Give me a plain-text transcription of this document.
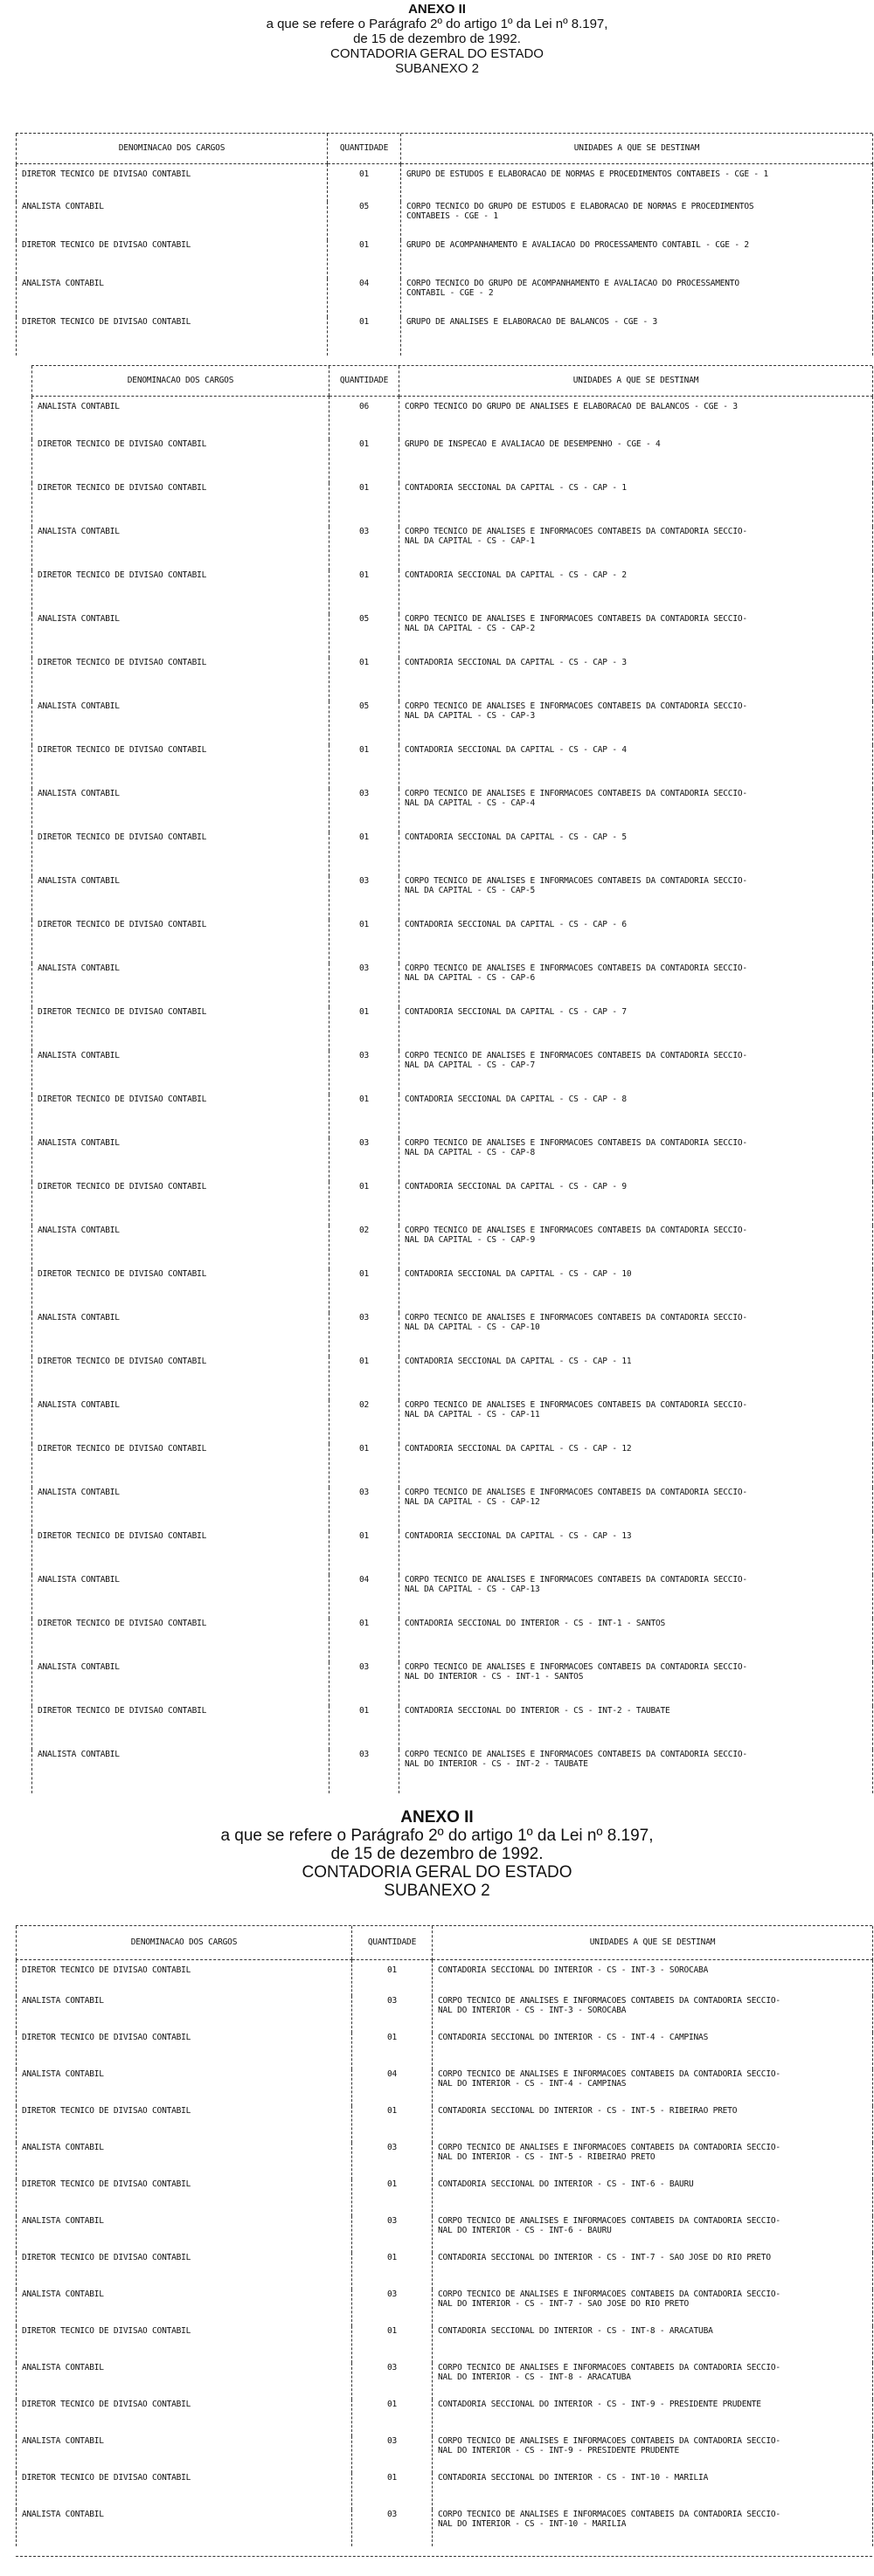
ANEXO II
a que se refere o Parágrafo 2º do artigo 1º da Lei nº 8.197,
de 15 de dezembro de 1992.
CONTADORIA GERAL DO ESTADO
SUBANEXO 2
DENOMINACAO DOS CARGOS	QUANTIDADE	UNIDADES A QUE SE DESTINAM
DIRETOR TECNICO DE DIVISAO CONTABIL	01	GRUPO DE ESTUDOS E ELABORACAO DE NORMAS E PROCEDIMENTOS CONTABEIS - CGE - 1
ANALISTA CONTABIL	05	CORPO TECNICO DO GRUPO DE ESTUDOS E ELABORACAO DE NORMAS E PROCEDIMENTOS
CONTABEIS - CGE - 1
DIRETOR TECNICO DE DIVISAO CONTABIL	01	GRUPO DE ACOMPANHAMENTO E AVALIACAO DO PROCESSAMENTO CONTABIL - CGE - 2
ANALISTA CONTABIL	04	CORPO TECNICO DO GRUPO DE ACOMPANHAMENTO E AVALIACAO DO PROCESSAMENTO
CONTABIL - CGE - 2
DIRETOR TECNICO DE DIVISAO CONTABIL	01	GRUPO DE ANALISES E ELABORACAO DE BALANCOS - CGE - 3
DENOMINACAO DOS CARGOS	QUANTIDADE	UNIDADES A QUE SE DESTINAM
ANALISTA CONTABIL	06	CORPO TECNICO DO GRUPO DE ANALISES E ELABORACAO DE BALANCOS - CGE - 3
DIRETOR TECNICO DE DIVISAO CONTABIL	01	GRUPO DE INSPECAO E AVALIACAO DE DESEMPENHO - CGE - 4
DIRETOR TECNICO DE DIVISAO CONTABIL	01	CONTADORIA SECCIONAL DA CAPITAL - CS - CAP - 1
ANALISTA CONTABIL	03	CORPO TECNICO DE ANALISES E INFORMACOES CONTABEIS DA CONTADORIA SECCIO-
NAL DA CAPITAL - CS - CAP-1
DIRETOR TECNICO DE DIVISAO CONTABIL	01	CONTADORIA SECCIONAL DA CAPITAL - CS - CAP - 2
ANALISTA CONTABIL	05	CORPO TECNICO DE ANALISES E INFORMACOES CONTABEIS DA CONTADORIA SECCIO-
NAL DA CAPITAL - CS - CAP-2
DIRETOR TECNICO DE DIVISAO CONTABIL	01	CONTADORIA SECCIONAL DA CAPITAL - CS - CAP - 3
ANALISTA CONTABIL	05	CORPO TECNICO DE ANALISES E INFORMACOES CONTABEIS DA CONTADORIA SECCIO-
NAL DA CAPITAL - CS - CAP-3
DIRETOR TECNICO DE DIVISAO CONTABIL	01	CONTADORIA SECCIONAL DA CAPITAL - CS - CAP - 4
ANALISTA CONTABIL	03	CORPO TECNICO DE ANALISES E INFORMACOES CONTABEIS DA CONTADORIA SECCIO-
NAL DA CAPITAL - CS - CAP-4
DIRETOR TECNICO DE DIVISAO CONTABIL	01	CONTADORIA SECCIONAL DA CAPITAL - CS - CAP - 5
ANALISTA CONTABIL	03	CORPO TECNICO DE ANALISES E INFORMACOES CONTABEIS DA CONTADORIA SECCIO-
NAL DA CAPITAL - CS - CAP-5
DIRETOR TECNICO DE DIVISAO CONTABIL	01	CONTADORIA SECCIONAL DA CAPITAL - CS - CAP - 6
ANALISTA CONTABIL	03	CORPO TECNICO DE ANALISES E INFORMACOES CONTABEIS DA CONTADORIA SECCIO-
NAL DA CAPITAL - CS - CAP-6
DIRETOR TECNICO DE DIVISAO CONTABIL	01	CONTADORIA SECCIONAL DA CAPITAL - CS - CAP - 7
ANALISTA CONTABIL	03	CORPO TECNICO DE ANALISES E INFORMACOES CONTABEIS DA CONTADORIA SECCIO-
NAL DA CAPITAL - CS - CAP-7
DIRETOR TECNICO DE DIVISAO CONTABIL	01	CONTADORIA SECCIONAL DA CAPITAL - CS - CAP - 8
ANALISTA CONTABIL	03	CORPO TECNICO DE ANALISES E INFORMACOES CONTABEIS DA CONTADORIA SECCIO-
NAL DA CAPITAL - CS - CAP-8
DIRETOR TECNICO DE DIVISAO CONTABIL	01	CONTADORIA SECCIONAL DA CAPITAL - CS - CAP - 9
ANALISTA CONTABIL	02	CORPO TECNICO DE ANALISES E INFORMACOES CONTABEIS DA CONTADORIA SECCIO-
NAL DA CAPITAL - CS - CAP-9
DIRETOR TECNICO DE DIVISAO CONTABIL	01	CONTADORIA SECCIONAL DA CAPITAL - CS - CAP - 10
ANALISTA CONTABIL	03	CORPO TECNICO DE ANALISES E INFORMACOES CONTABEIS DA CONTADORIA SECCIO-
NAL DA CAPITAL - CS - CAP-10
DIRETOR TECNICO DE DIVISAO CONTABIL	01	CONTADORIA SECCIONAL DA CAPITAL - CS - CAP - 11
ANALISTA CONTABIL	02	CORPO TECNICO DE ANALISES E INFORMACOES CONTABEIS DA CONTADORIA SECCIO-
NAL DA CAPITAL - CS - CAP-11
DIRETOR TECNICO DE DIVISAO CONTABIL	01	CONTADORIA SECCIONAL DA CAPITAL - CS - CAP - 12
ANALISTA CONTABIL	03	CORPO TECNICO DE ANALISES E INFORMACOES CONTABEIS DA CONTADORIA SECCIO-
NAL DA CAPITAL - CS - CAP-12
DIRETOR TECNICO DE DIVISAO CONTABIL	01	CONTADORIA SECCIONAL DA CAPITAL - CS - CAP - 13
ANALISTA CONTABIL	04	CORPO TECNICO DE ANALISES E INFORMACOES CONTABEIS DA CONTADORIA SECCIO-
NAL DA CAPITAL - CS - CAP-13
DIRETOR TECNICO DE DIVISAO CONTABIL	01	CONTADORIA SECCIONAL DO INTERIOR - CS - INT-1 - SANTOS
ANALISTA CONTABIL	03	CORPO TECNICO DE ANALISES E INFORMACOES CONTABEIS DA CONTADORIA SECCIO-
NAL DO INTERIOR - CS - INT-1 - SANTOS
DIRETOR TECNICO DE DIVISAO CONTABIL	01	CONTADORIA SECCIONAL DO INTERIOR - CS - INT-2 - TAUBATE
ANALISTA CONTABIL	03	CORPO TECNICO DE ANALISES E INFORMACOES CONTABEIS DA CONTADORIA SECCIO-
NAL DO INTERIOR - CS - INT-2 - TAUBATE
ANEXO II
a que se refere o Parágrafo 2º do artigo 1º da Lei nº 8.197,
de 15 de dezembro de 1992.
CONTADORIA GERAL DO ESTADO
SUBANEXO 2
DENOMINACAO DOS CARGOS	QUANTIDADE	UNIDADES A QUE SE DESTINAM
DIRETOR TECNICO DE DIVISAO CONTABIL	01	CONTADORIA SECCIONAL DO INTERIOR - CS - INT-3 - SOROCABA
ANALISTA CONTABIL	03	CORPO TECNICO DE ANALISES E INFORMACOES CONTABEIS DA CONTADORIA SECCIO-
NAL DO INTERIOR - CS - INT-3 - SOROCABA
DIRETOR TECNICO DE DIVISAO CONTABIL	01	CONTADORIA SECCIONAL DO INTERIOR - CS - INT-4 - CAMPINAS
ANALISTA CONTABIL	04	CORPO TECNICO DE ANALISES E INFORMACOES CONTABEIS DA CONTADORIA SECCIO-
NAL DO INTERIOR - CS - INT-4 - CAMPINAS
DIRETOR TECNICO DE DIVISAO CONTABIL	01	CONTADORIA SECCIONAL DO INTERIOR - CS - INT-5 - RIBEIRAO PRETO
ANALISTA CONTABIL	03	CORPO TECNICO DE ANALISES E INFORMACOES CONTABEIS DA CONTADORIA SECCIO-
NAL DO INTERIOR - CS - INT-5 - RIBEIRAO PRETO
DIRETOR TECNICO DE DIVISAO CONTABIL	01	CONTADORIA SECCIONAL DO INTERIOR - CS - INT-6 - BAURU
ANALISTA CONTABIL	03	CORPO TECNICO DE ANALISES E INFORMACOES CONTABEIS DA CONTADORIA SECCIO-
NAL DO INTERIOR - CS - INT-6 - BAURU
DIRETOR TECNICO DE DIVISAO CONTABIL	01	CONTADORIA SECCIONAL DO INTERIOR - CS - INT-7 - SAO JOSE DO RIO PRETO
ANALISTA CONTABIL	03	CORPO TECNICO DE ANALISES E INFORMACOES CONTABEIS DA CONTADORIA SECCIO-
NAL DO INTERIOR - CS - INT-7 - SAO JOSE DO RIO PRETO
DIRETOR TECNICO DE DIVISAO CONTABIL	01	CONTADORIA SECCIONAL DO INTERIOR - CS - INT-8 - ARACATUBA
ANALISTA CONTABIL	03	CORPO TECNICO DE ANALISES E INFORMACOES CONTABEIS DA CONTADORIA SECCIO-
NAL DO INTERIOR - CS - INT-8 - ARACATUBA
DIRETOR TECNICO DE DIVISAO CONTABIL	01	CONTADORIA SECCIONAL DO INTERIOR - CS - INT-9 - PRESIDENTE PRUDENTE
ANALISTA CONTABIL	03	CORPO TECNICO DE ANALISES E INFORMACOES CONTABEIS DA CONTADORIA SECCIO-
NAL DO INTERIOR - CS - INT-9 - PRESIDENTE PRUDENTE
DIRETOR TECNICO DE DIVISAO CONTABIL	01	CONTADORIA SECCIONAL DO INTERIOR - CS - INT-10 - MARILIA
ANALISTA CONTABIL	03	CORPO TECNICO DE ANALISES E INFORMACOES CONTABEIS DA CONTADORIA SECCIO-
NAL DO INTERIOR - CS - INT-10 - MARILIA
